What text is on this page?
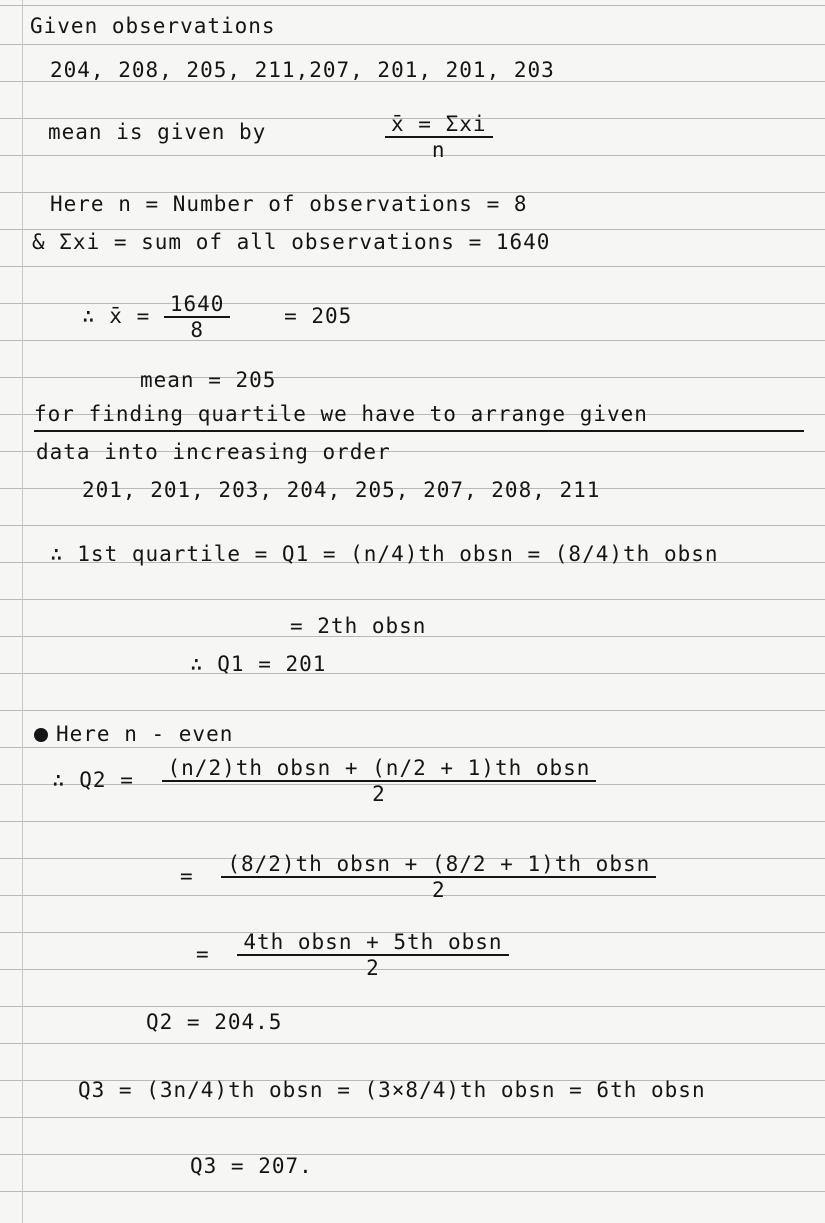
Given observations
204, 208, 205, 211,207, 201, 201, 203
mean is given by	$\frac{\text{x̄ = Σxi}}{n}$
Here n = Number of observations = 8
& Σxi = sum of all observations = 1640
∴ x̄ = $\frac{1640}{8}$	= 205
mean = 205
for finding quartile we have to arrange given
data into increasing order
201, 201, 203, 204, 205, 207, 208, 211
∴ 1st quartile = Q1 = (n/4)th obsn = (8/4)th obsn
= 2th obsn
∴ Q1 = 201
Here n - even
∴ $Q2 = \frac{\text{(n/2)th obsn + (n/2 + 1)th obsn}}{2}$
= $\frac{\text{(8/2)th obsn + (8/2 + 1)th obsn}}{2}$
= $\frac{\text{4th obsn + 5th obsn}}{2}$
Q2 = 204.5
Q3 = (3n/4)th obsn = (3×8/4)th obsn = 6th obsn
Q3 = 207.
